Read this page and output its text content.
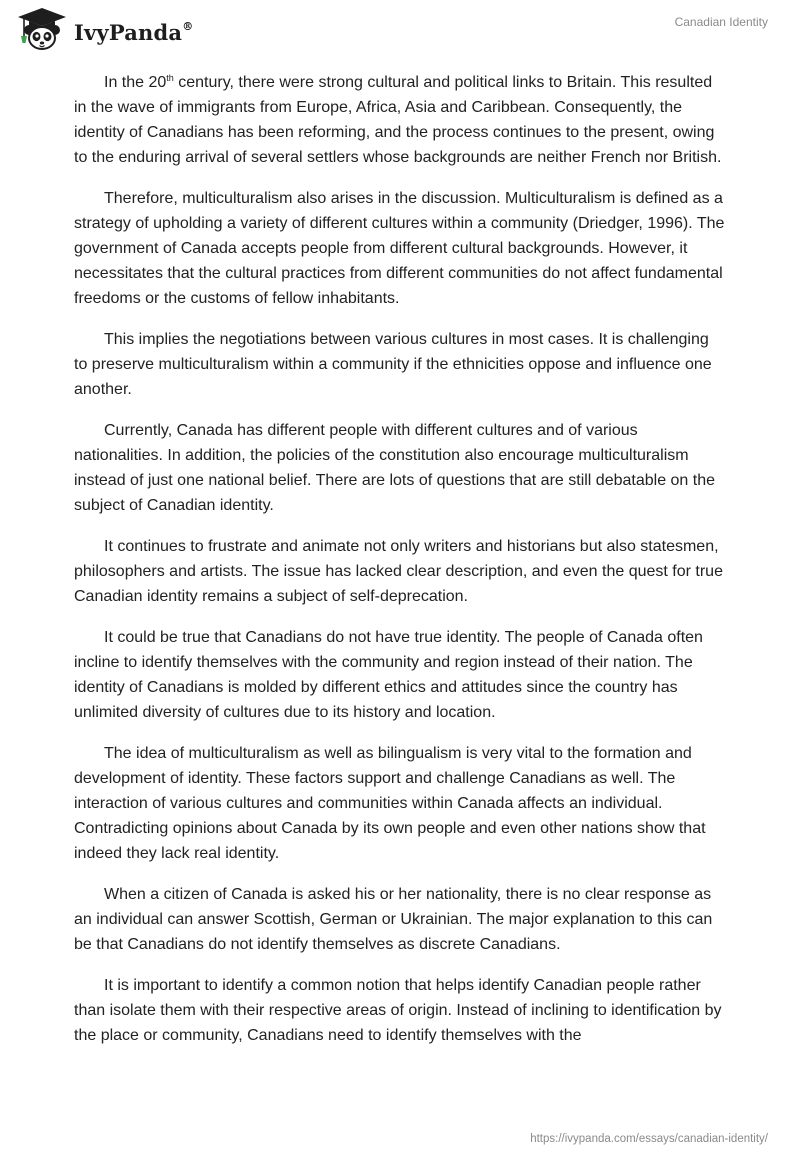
IvyPanda®	Canadian Identity

In the 20th century, there were strong cultural and political links to Britain. This resulted in the wave of immigrants from Europe, Africa, Asia and Caribbean. Consequently, the identity of Canadians has been reforming, and the process continues to the present, owing to the enduring arrival of several settlers whose backgrounds are neither French nor British.

Therefore, multiculturalism also arises in the discussion. Multiculturalism is defined as a strategy of upholding a variety of different cultures within a community (Driedger, 1996). The government of Canada accepts people from different cultural backgrounds. However, it necessitates that the cultural practices from different communities do not affect fundamental freedoms or the customs of fellow inhabitants.

This implies the negotiations between various cultures in most cases. It is challenging to preserve multiculturalism within a community if the ethnicities oppose and influence one another.

Currently, Canada has different people with different cultures and of various nationalities. In addition, the policies of the constitution also encourage multiculturalism instead of just one national belief. There are lots of questions that are still debatable on the subject of Canadian identity.

It continues to frustrate and animate not only writers and historians but also statesmen, philosophers and artists. The issue has lacked clear description, and even the quest for true Canadian identity remains a subject of self-deprecation.

It could be true that Canadians do not have true identity. The people of Canada often incline to identify themselves with the community and region instead of their nation. The identity of Canadians is molded by different ethics and attitudes since the country has unlimited diversity of cultures due to its history and location.

The idea of multiculturalism as well as bilingualism is very vital to the formation and development of identity. These factors support and challenge Canadians as well. The interaction of various cultures and communities within Canada affects an individual. Contradicting opinions about Canada by its own people and even other nations show that indeed they lack real identity.

When a citizen of Canada is asked his or her nationality, there is no clear response as an individual can answer Scottish, German or Ukrainian. The major explanation to this can be that Canadians do not identify themselves as discrete Canadians.

It is important to identify a common notion that helps identify Canadian people rather than isolate them with their respective areas of origin. Instead of inclining to identification by the place or community, Canadians need to identify themselves with the

https://ivypanda.com/essays/canadian-identity/
